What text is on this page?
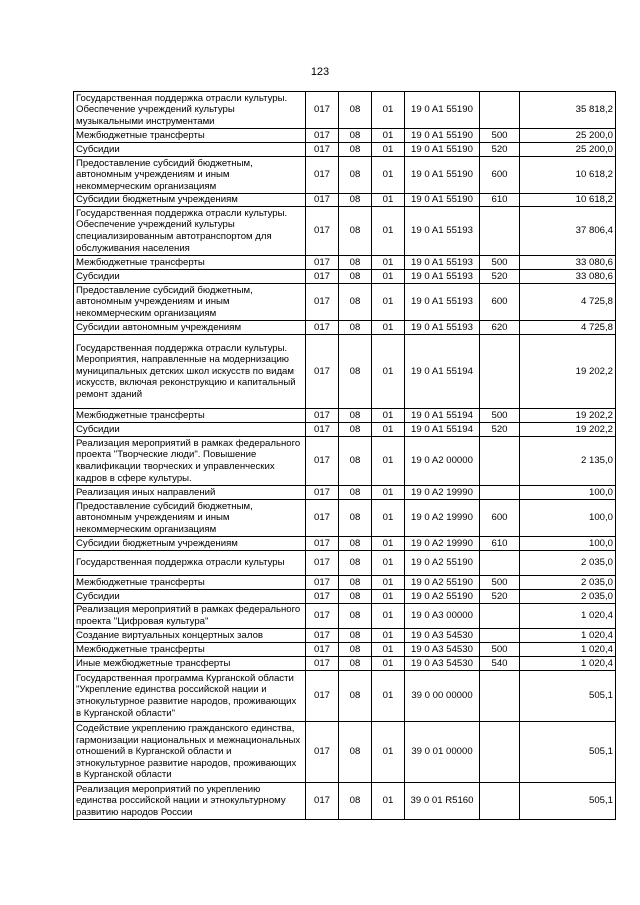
123
Государственная поддержка отрасли культуры. Обеспечение учреждений культуры музыкальными инструментами	017	08	01	19 0 A1 55190		35 818,2
Межбюджетные трансферты	017	08	01	19 0 A1 55190	500	25 200,0
Субсидии	017	08	01	19 0 A1 55190	520	25 200,0
Предоставление субсидий бюджетным, автономным учреждениям и иным некоммерческим организациям	017	08	01	19 0 A1 55190	600	10 618,2
Субсидии бюджетным учреждениям	017	08	01	19 0 A1 55190	610	10 618,2
Государственная поддержка отрасли культуры. Обеспечение учреждений культуры специализированным автотранспортом для обслуживания населения	017	08	01	19 0 A1 55193		37 806,4
Межбюджетные трансферты	017	08	01	19 0 A1 55193	500	33 080,6
Субсидии	017	08	01	19 0 A1 55193	520	33 080,6
Предоставление субсидий бюджетным, автономным учреждениям и иным некоммерческим организациям	017	08	01	19 0 A1 55193	600	4 725,8
Субсидии автономным учреждениям	017	08	01	19 0 A1 55193	620	4 725,8
Государственная поддержка отрасли культуры. Мероприятия, направленные на модернизацию муниципальных детских школ искусств по видам искусств, включая реконструкцию и капитальный ремонт зданий	017	08	01	19 0 A1 55194		19 202,2
Межбюджетные трансферты	017	08	01	19 0 A1 55194	500	19 202,2
Субсидии	017	08	01	19 0 A1 55194	520	19 202,2
Реализация мероприятий в рамках федерального проекта "Творческие люди". Повышение квалификации творческих и управленческих кадров в сфере культуры.	017	08	01	19 0 A2 00000		2 135,0
Реализация иных направлений	017	08	01	19 0 A2 19990		100,0
Предоставление субсидий бюджетным, автономным учреждениям и иным некоммерческим организациям	017	08	01	19 0 A2 19990	600	100,0
Субсидии бюджетным учреждениям	017	08	01	19 0 A2 19990	610	100,0
Государственная поддержка отрасли культуры	017	08	01	19 0 A2 55190		2 035,0
Межбюджетные трансферты	017	08	01	19 0 A2 55190	500	2 035,0
Субсидии	017	08	01	19 0 A2 55190	520	2 035,0
Реализация мероприятий в рамках федерального проекта "Цифровая культура"	017	08	01	19 0 A3 00000		1 020,4
Создание виртуальных концертных залов	017	08	01	19 0 A3 54530		1 020,4
Межбюджетные трансферты	017	08	01	19 0 A3 54530	500	1 020,4
Иные межбюджетные трансферты	017	08	01	19 0 A3 54530	540	1 020,4
Государственная программа Курганской области "Укрепление единства российской нации и этнокультурное развитие народов, проживающих в Курганской области"	017	08	01	39 0 00 00000		505,1
Содействие укреплению гражданского единства, гармонизации национальных и межнациональных отношений в Курганской области и этнокультурное развитие народов, проживающих в Курганской области	017	08	01	39 0 01 00000		505,1
Реализация мероприятий по укреплению единства российской нации и этнокультурному развитию народов России	017	08	01	39 0 01 R5160		505,1
